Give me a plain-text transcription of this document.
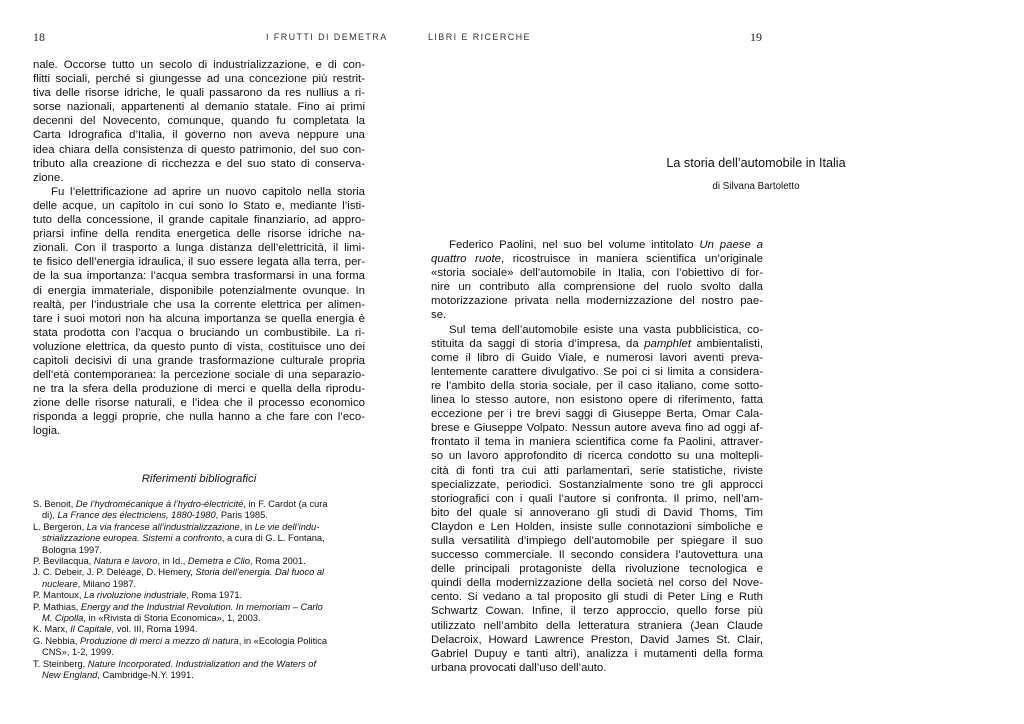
18	I FRUTTI DI DEMETRA
nale. Occorse tutto un secolo di industrializzazione, e di con-
flitti sociali, perché si giungesse ad una concezione più restrit-
tiva delle risorse idriche, le quali passarono da res nullius a ri-
sorse nazionali, appartenenti al demanio statale. Fino ai primi
decenni del Novecento, comunque, quando fu completata la
Carta Idrografica d’Italia, il governo non aveva neppure una
idea chiara della consistenza di questo patrimonio, del suo con-
tributo alla creazione di ricchezza e del suo stato di conserva-
zione.
Fu l’elettrificazione ad aprire un nuovo capitolo nella storia
delle acque, un capitolo in cui sono lo Stato e, mediante l’isti-
tuto della concessione, il grande capitale finanziario, ad appro-
priarsi infine della rendita energetica delle risorse idriche na-
zionali. Con il trasporto a lunga distanza dell’elettricità, il limi-
te fisico dell’energia idraulica, il suo essere legata alla terra, per-
de la sua importanza: l’acqua sembra trasformarsi in una forma
di energia immateriale, disponibile potenzialmente ovunque. In
realtà, per l’industriale che usa la corrente elettrica per alimen-
tare i suoi motori non ha alcuna importanza se quella energia è
stata prodotta con l’acqua o bruciando un combustibile. La ri-
voluzione elettrica, da questo punto di vista, costituisce uno dei
capitoli decisivi di una grande trasformazione culturale propria
dell’età contemporanea: la percezione sociale di una separazio-
ne tra la sfera della produzione di merci e quella della riprodu-
zione delle risorse naturali, e l’idea che il processo economico
risponda a leggi proprie, che nulla hanno a che fare con l’eco-
logia.
Riferimenti bibliografici
S. Benoit, De l’hydromécanique à l’hydro-électricité, in F. Cardot (a cura
di), La France des électriciens, 1880-1980, Paris 1985.
L. Bergeron, La via francese all’industrializzazione, in Le vie dell’indu-
strializzazione europea. Sistemi a confronto, a cura di G. L. Fontana,
Bologna 1997.
P. Bevilacqua, Natura e lavoro, in Id., Demetra e Clio, Roma 2001.
J. C. Debeir, J. P. Deléage, D. Hemery, Storia dell’energia. Dal fuoco al
nucleare, Milano 1987.
P. Mantoux, La rivoluzione industriale, Roma 1971.
P. Mathias, Energy and the Industrial Revolution. In memoriam – Carlo
M. Cipolla, in «Rivista di Storia Economica», 1, 2003.
K. Marx, Il Capitale, vol. III, Roma 1994.
G. Nebbia, Produzione di merci a mezzo di natura, in «Ecologia Politica
CNS», 1-2, 1999.
T. Steinberg, Nature Incorporated. Industrialization and the Waters of
New England, Cambridge-N.Y. 1991.
LIBRI E RICERCHE	19
La storia dell’automobile in Italia
di Silvana Bartoletto
Federico Paolini, nel suo bel volume intitolato Un paese a
quattro ruote, ricostruisce in maniera scientifica un’originale
«storia sociale» dell’automobile in Italia, con l’obiettivo di for-
nire un contributo alla comprensione del ruolo svolto dalla
motorizzazione privata nella modernizzazione del nostro pae-
se.
Sul tema dell’automobile esiste una vasta pubblicistica, co-
stituita da saggi di storia d’impresa, da pamphlet ambientalisti,
come il libro di Guido Viale, e numerosi lavori aventi preva-
lentemente carattere divulgativo. Se poi ci si limita a considera-
re l’ambito della storia sociale, per il caso italiano, come sotto-
linea lo stesso autore, non esistono opere di riferimento, fatta
eccezione per i tre brevi saggi di Giuseppe Berta, Omar Cala-
brese e Giuseppe Volpato. Nessun autore aveva fino ad oggi af-
frontato il tema in maniera scientifica come fa Paolini, attraver-
so un lavoro approfondito di ricerca condotto su una moltepli-
cità di fonti tra cui atti parlamentari, serie statistiche, riviste
specializzate, periodici. Sostanzialmente sono tre gli approcci
storiografici con i quali l’autore si confronta. Il primo, nell’am-
bito del quale si annoverano gli studi di David Thoms, Tim
Claydon e Len Holden, insiste sulle connotazioni simboliche e
sulla versatilità d’impiego dell’automobile per spiegare il suo
successo commerciale. Il secondo considera l’autovettura una
delle principali protagoniste della rivoluzione tecnologica e
quindi della modernizzazione della società nel corso del Nove-
cento. Si vedano a tal proposito gli studi di Peter Ling e Ruth
Schwartz Cowan. Infine, il terzo approccio, quello forse più
utilizzato nell’ambito della letteratura straniera (Jean Claude
Delacroix, Howard Lawrence Preston, David James St. Clair,
Gabriel Dupuy e tanti altri), analizza i mutamenti della forma
urbana provocati dall’uso dell’auto.
